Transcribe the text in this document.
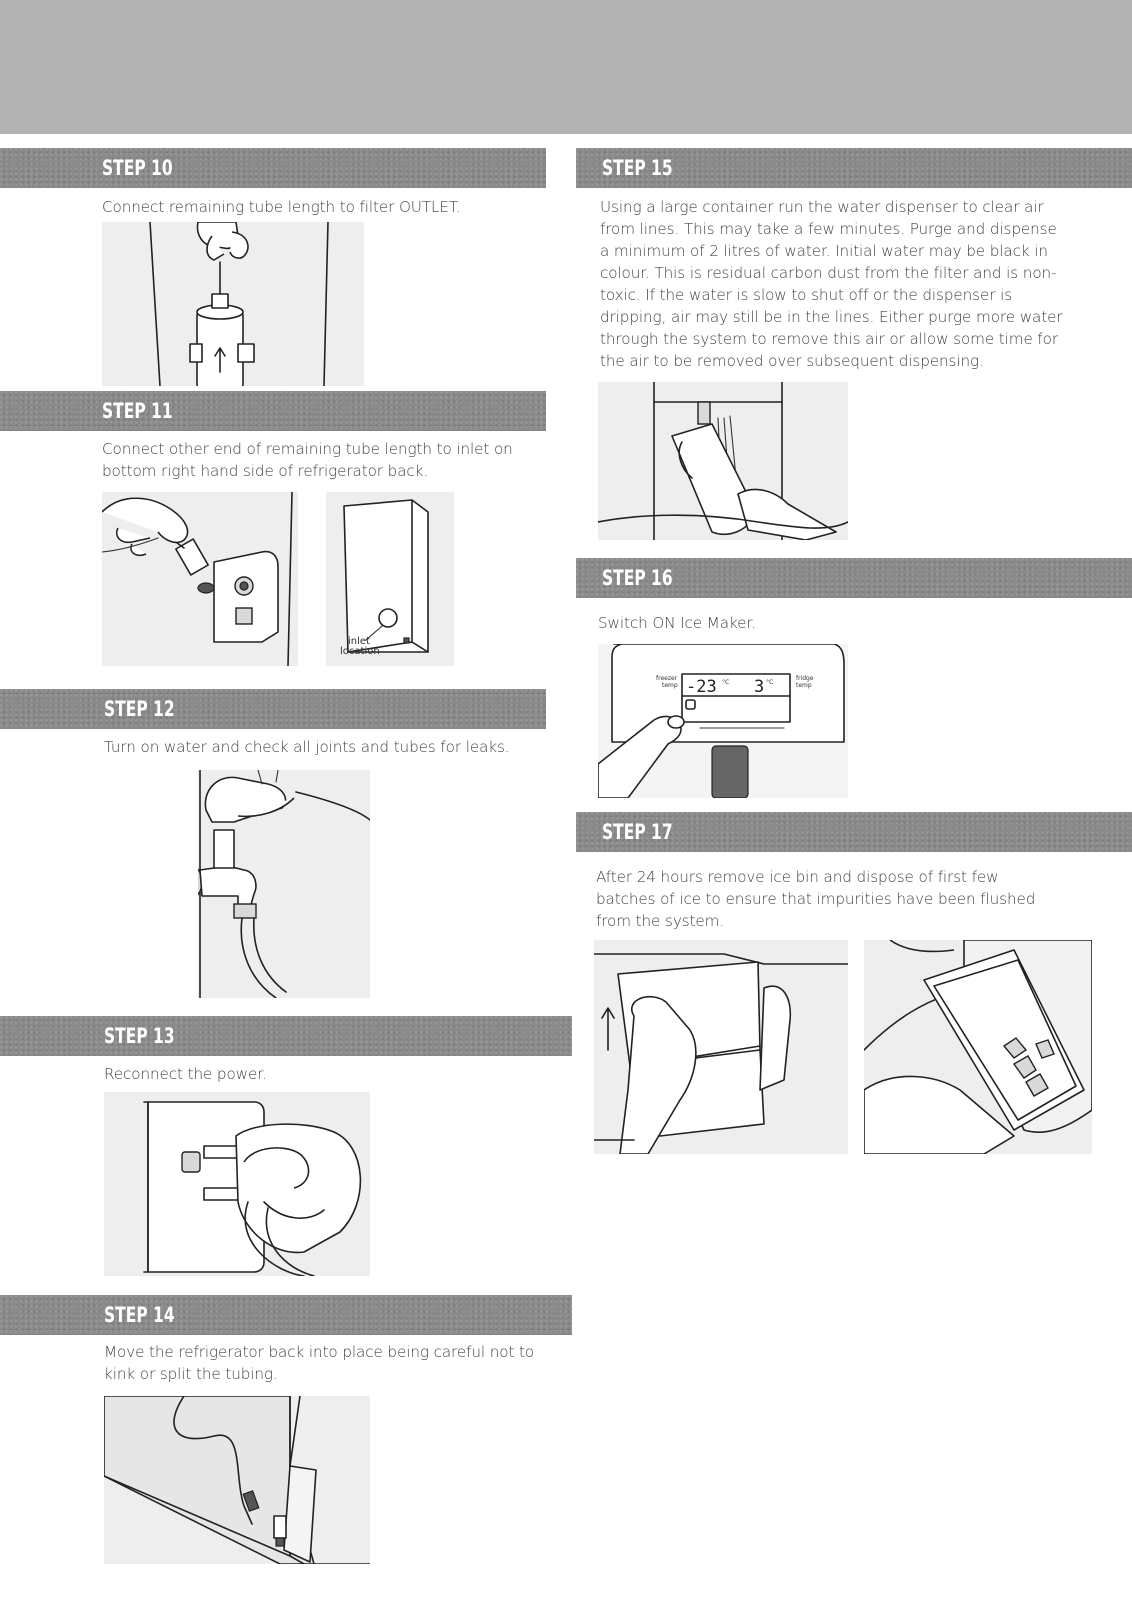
STEP 10
Connect remaining tube length to filter OUTLET.
STEP 11
Connect other end of remaining tube length to inlet on bottom right hand side of refrigerator back.
inlet
location
STEP 12
Turn on water and check all joints and tubes for leaks.
STEP 13
Reconnect the power.
STEP 14
Move the refrigerator back into place being careful not to kink or split the tubing.
STEP 15
Using a large container run the water dispenser to clear air from lines. This may take a few minutes. Purge and dispense a minimum of 2 litres of water. Initial water may be black in colour. This is residual carbon dust from the filter and is non-toxic. If the water is slow to shut off or the dispenser is dripping, air may still be in the lines. Either purge more water through the system to remove this air or allow some time for the air to be removed over subsequent dispensing.
STEP 16
Switch ON Ice Maker.
-23 °C 3 °C
freezer
temp
fridge
temp
STEP 17
After 24 hours remove ice bin and dispose of first few batches of ice to ensure that impurities have been flushed from the system.
